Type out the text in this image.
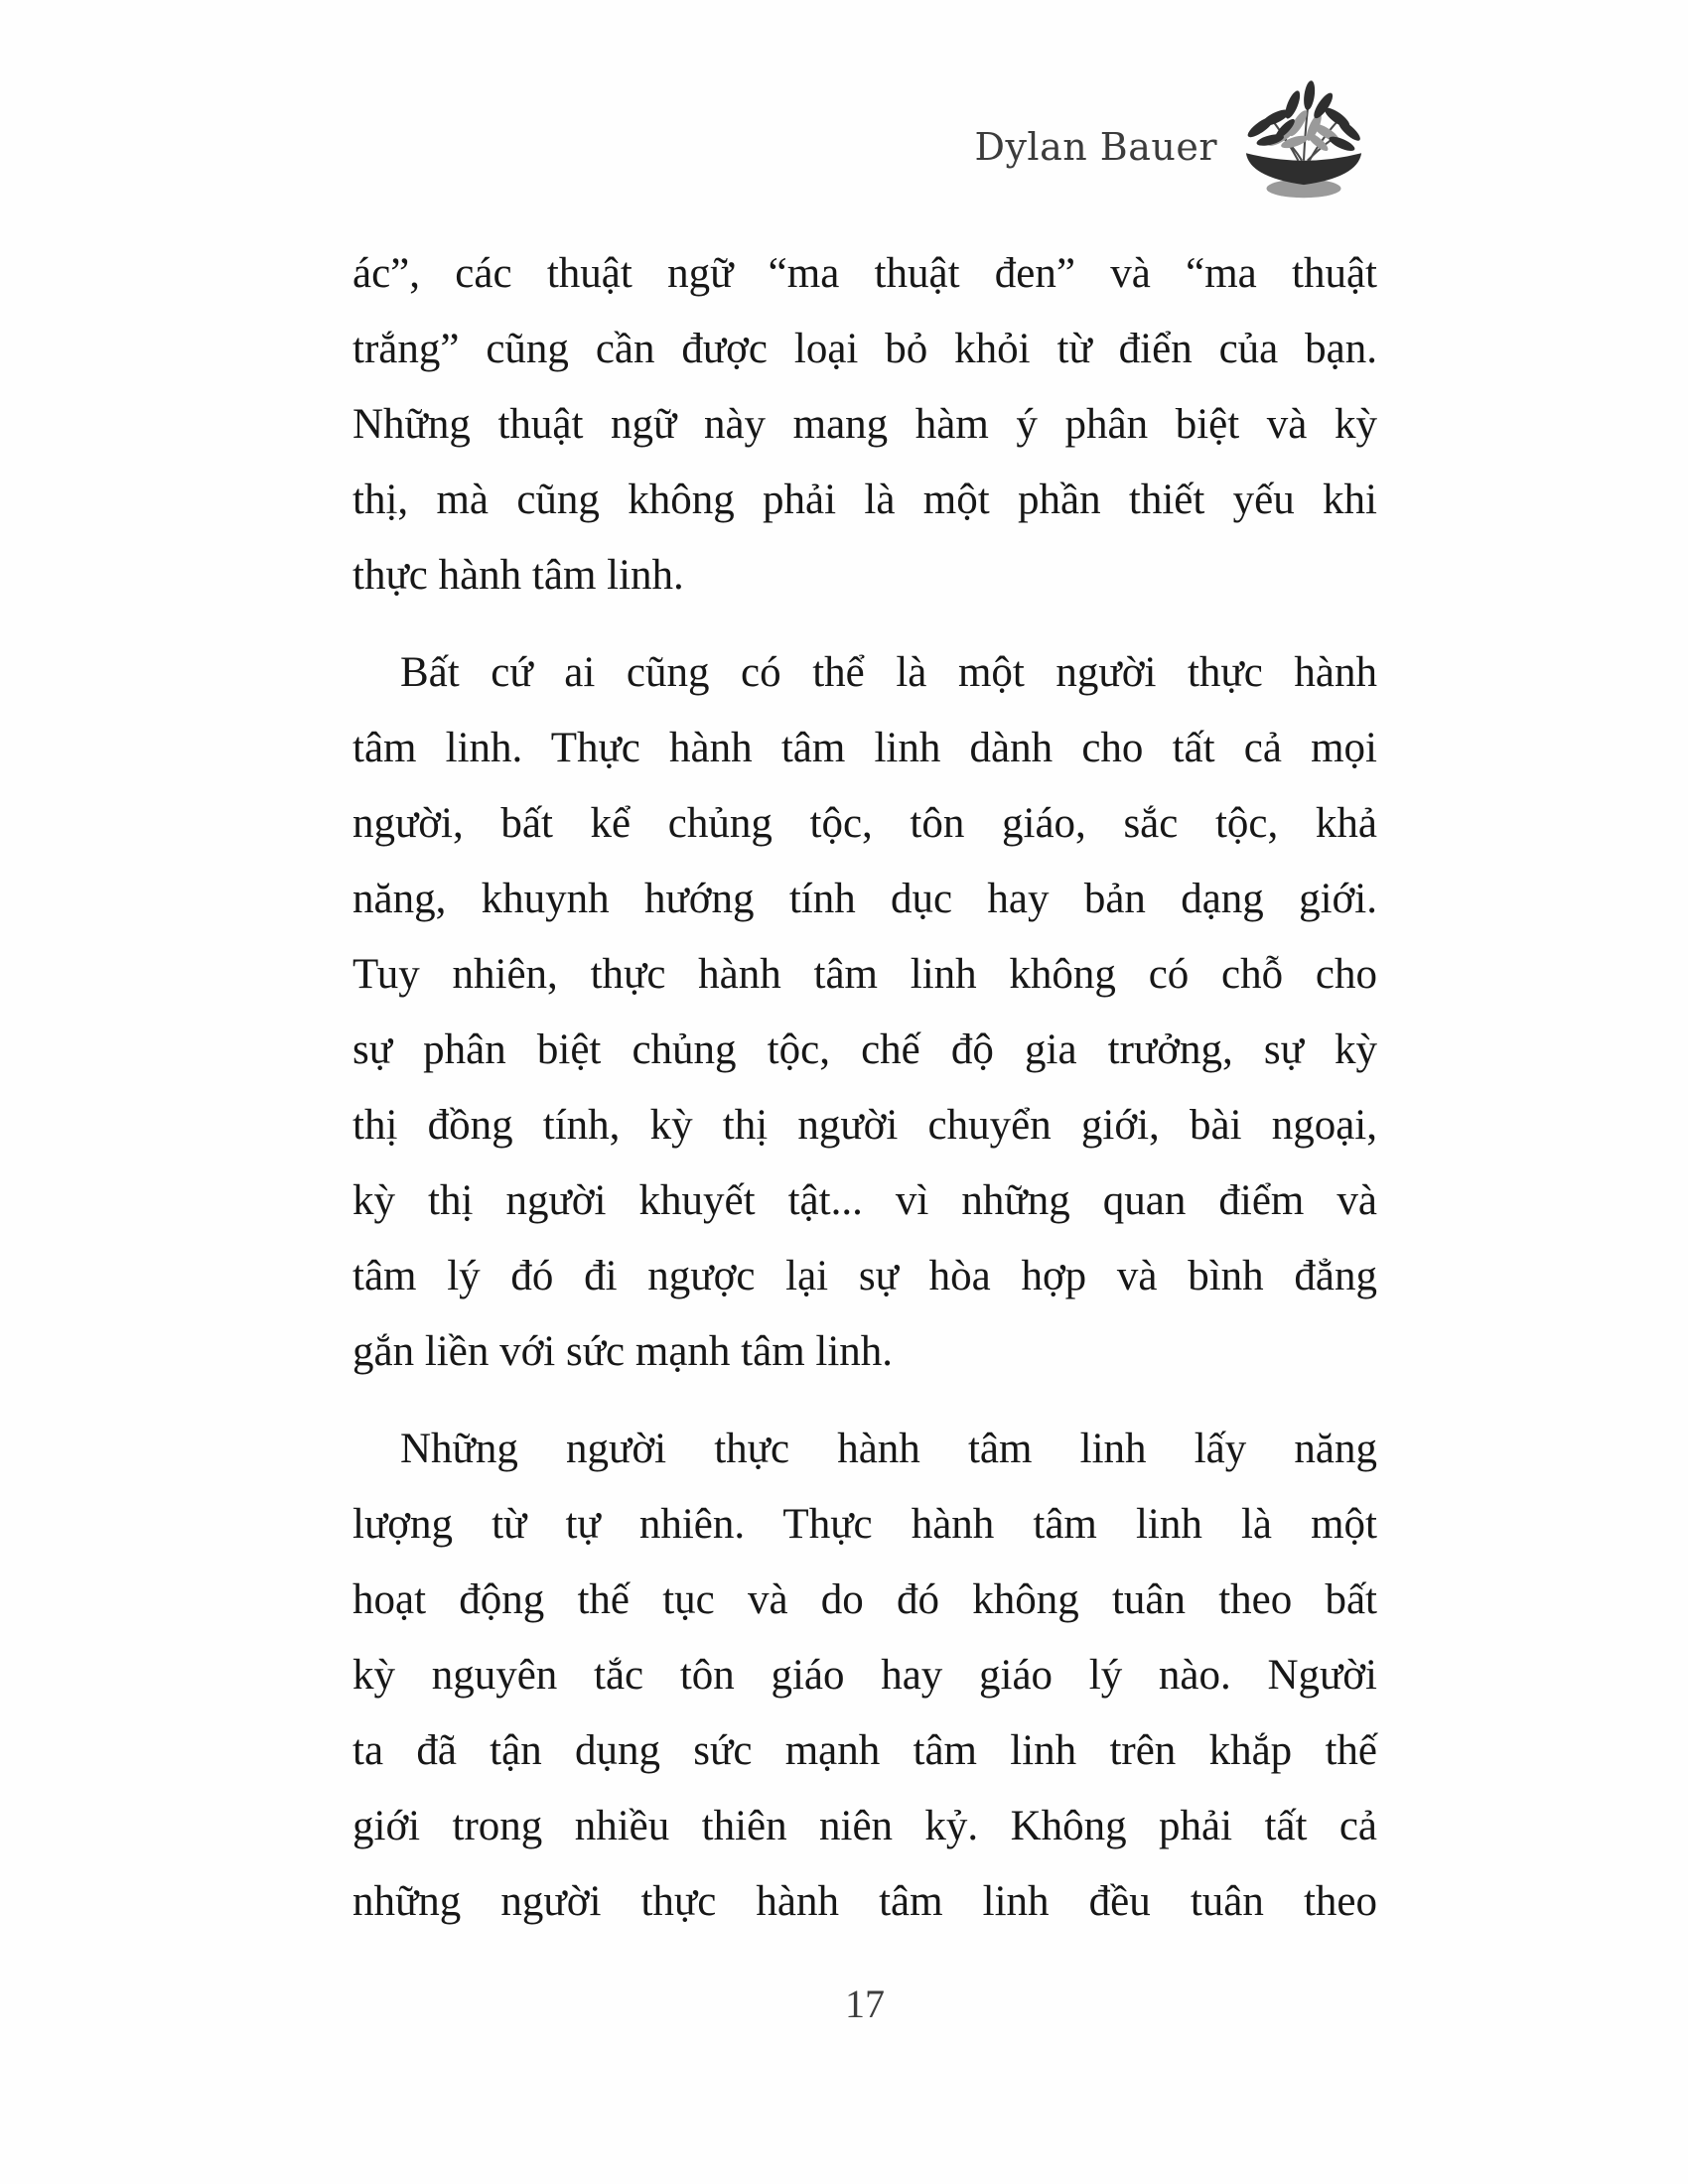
Dylan Bauer
ác”, các thuật ngữ “ma thuật đen” và “ma thuật
trắng” cũng cần được loại bỏ khỏi từ điển của bạn.
Những thuật ngữ này mang hàm ý phân biệt và kỳ
thị, mà cũng không phải là một phần thiết yếu khi
thực hành tâm linh.
Bất cứ ai cũng có thể là một người thực hành
tâm linh. Thực hành tâm linh dành cho tất cả mọi
người, bất kể chủng tộc, tôn giáo, sắc tộc, khả
năng, khuynh hướng tính dục hay bản dạng giới.
Tuy nhiên, thực hành tâm linh không có chỗ cho
sự phân biệt chủng tộc, chế độ gia trưởng, sự kỳ
thị đồng tính, kỳ thị người chuyển giới, bài ngoại,
kỳ thị người khuyết tật... vì những quan điểm và
tâm lý đó đi ngược lại sự hòa hợp và bình đẳng
gắn liền với sức mạnh tâm linh.
Những người thực hành tâm linh lấy năng
lượng từ tự nhiên. Thực hành tâm linh là một
hoạt động thế tục và do đó không tuân theo bất
kỳ nguyên tắc tôn giáo hay giáo lý nào. Người
ta đã tận dụng sức mạnh tâm linh trên khắp thế
giới trong nhiều thiên niên kỷ. Không phải tất cả
những người thực hành tâm linh đều tuân theo
17
